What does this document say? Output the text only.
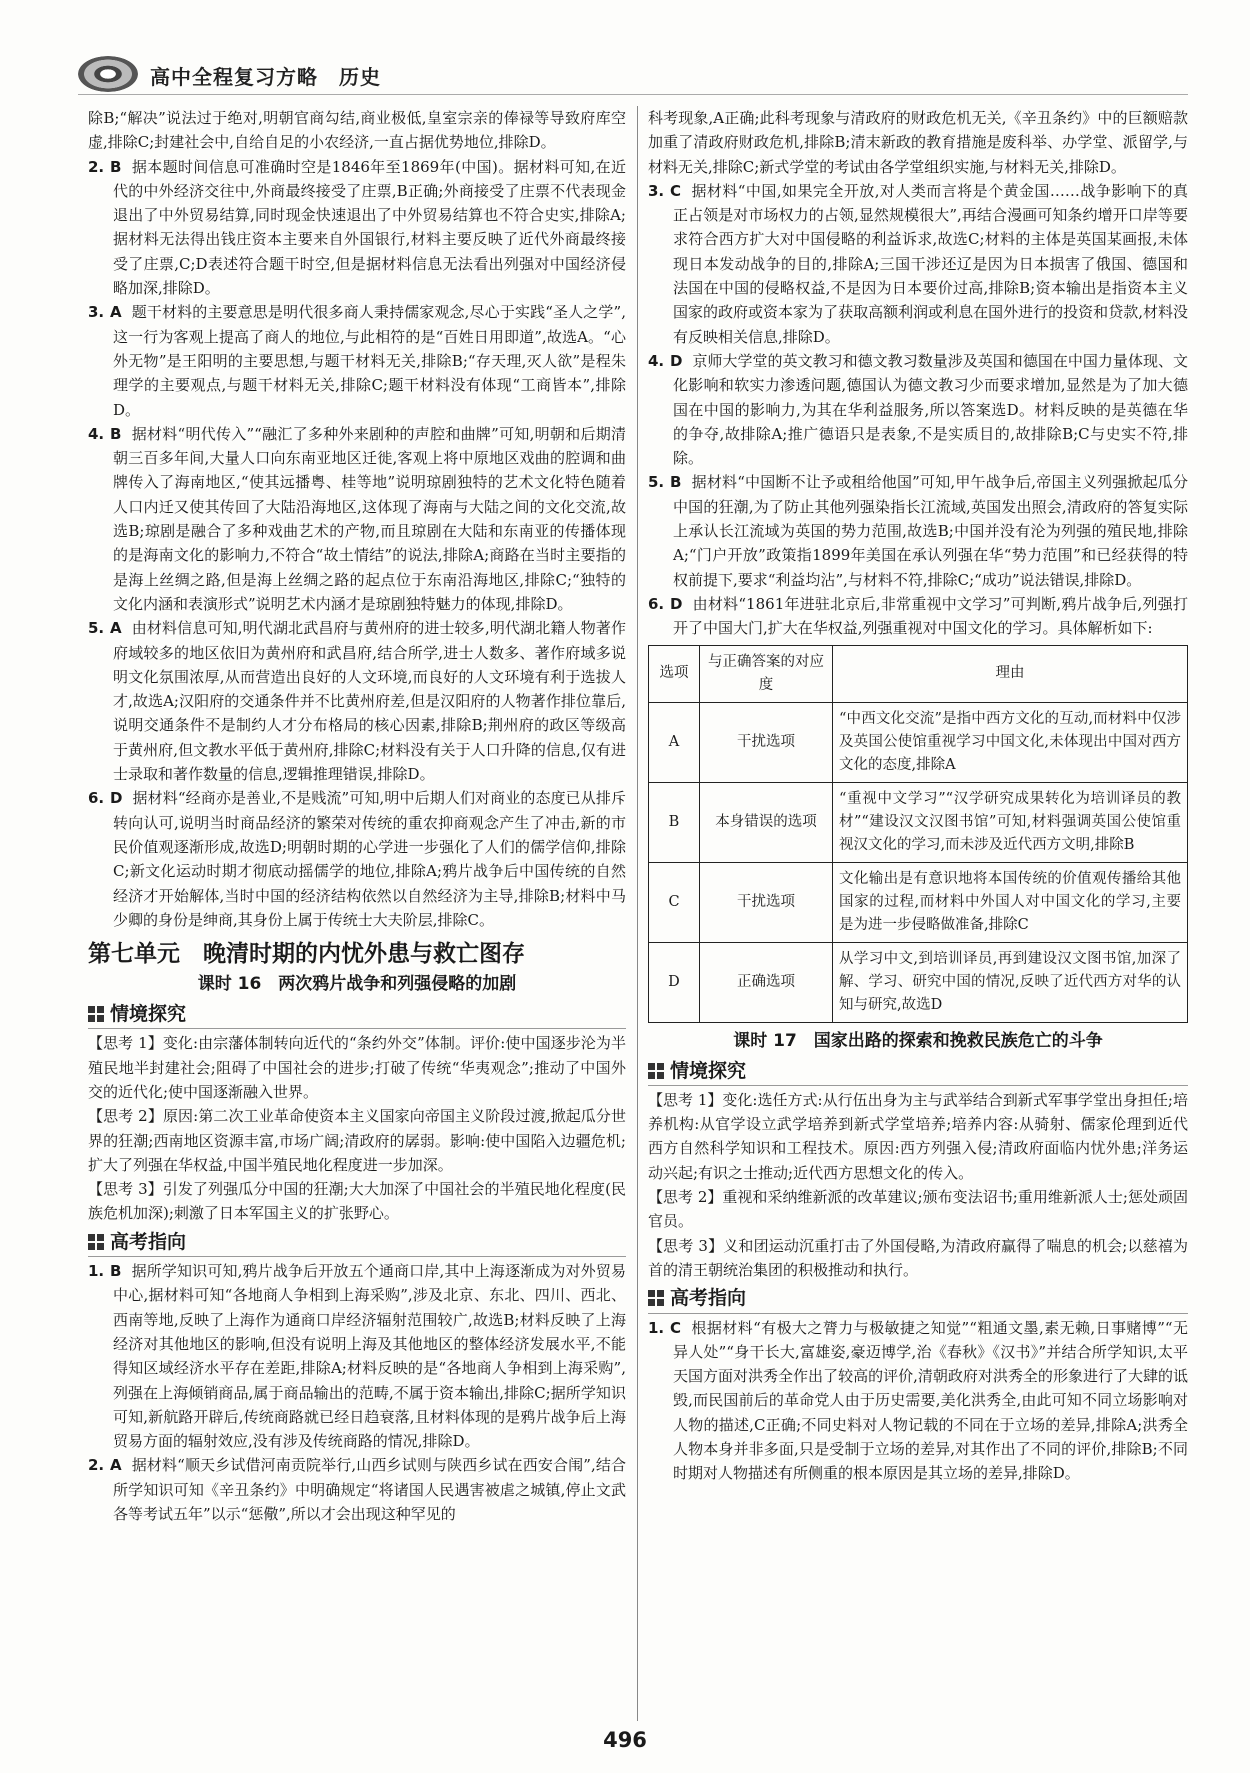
高中全程复习方略　历史

除B;“解决”说法过于绝对,明朝官商勾结,商业极低,皇室宗亲的俸禄等导致府库空虚,排除C;封建社会中,自给自足的小农经济,一直占据优势地位,排除D。

2. B 据本题时间信息可准确时空是1846年至1869年(中国)。据材料可知,在近代的中外经济交往中,外商最终接受了庄票,B正确;外商接受了庄票不代表现金退出了中外贸易结算,同时现金快速退出了中外贸易结算也不符合史实,排除A;据材料无法得出钱庄资本主要来自外国银行,材料主要反映了近代外商最终接受了庄票,C;D表述符合题干时空,但是据材料信息无法看出列强对中国经济侵略加深,排除D。

3. A 题干材料的主要意思是明代很多商人秉持儒家观念,尽心于实践“圣人之学”,这一行为客观上提高了商人的地位,与此相符的是“百姓日用即道”,故选A。“心外无物”是王阳明的主要思想,与题干材料无关,排除B;“存天理,灭人欲”是程朱理学的主要观点,与题干材料无关,排除C;题干材料没有体现“工商皆本”,排除D。

4. B 据材料“明代传入”“融汇了多种外来剧种的声腔和曲牌”可知,明朝和后期清朝三百多年间,大量人口向东南亚地区迁徙,客观上将中原地区戏曲的腔调和曲牌传入了海南地区,“使其远播粤、桂等地”说明琼剧独特的艺术文化特色随着人口内迁又使其传回了大陆沿海地区,这体现了海南与大陆之间的文化交流,故选B;琼剧是融合了多种戏曲艺术的产物,而且琼剧在大陆和东南亚的传播体现的是海南文化的影响力,不符合“故土情结”的说法,排除A;商路在当时主要指的是海上丝绸之路,但是海上丝绸之路的起点位于东南沿海地区,排除C;“独特的文化内涵和表演形式”说明艺术内涵才是琼剧独特魅力的体现,排除D。

5. A 由材料信息可知,明代湖北武昌府与黄州府的进士较多,明代湖北籍人物著作府域较多的地区依旧为黄州府和武昌府,结合所学,进士人数多、著作府域多说明文化氛围浓厚,从而营造出良好的人文环境,而良好的人文环境有利于选拔人才,故选A;汉阳府的交通条件并不比黄州府差,但是汉阳府的人物著作排位靠后,说明交通条件不是制约人才分布格局的核心因素,排除B;荆州府的政区等级高于黄州府,但文教水平低于黄州府,排除C;材料没有关于人口升降的信息,仅有进士录取和著作数量的信息,逻辑推理错误,排除D。

6. D 据材料“经商亦是善业,不是贱流”可知,明中后期人们对商业的态度已从排斥转向认可,说明当时商品经济的繁荣对传统的重农抑商观念产生了冲击,新的市民价值观逐渐形成,故选D;明朝时期的心学进一步强化了人们的儒学信仰,排除C;新文化运动时期才彻底动摇儒学的地位,排除A;鸦片战争后中国传统的自然经济才开始解体,当时中国的经济结构依然以自然经济为主导,排除B;材料中马少卿的身份是绅商,其身份上属于传统士大夫阶层,排除C。

第七单元　晚清时期的内忧外患与救亡图存
课时 16　两次鸦片战争和列强侵略的加剧
情境探究

【思考 1】变化:由宗藩体制转向近代的“条约外交”体制。评价:使中国逐步沦为半殖民地半封建社会;阻碍了中国社会的进步;打破了传统“华夷观念”;推动了中国外交的近代化;使中国逐渐融入世界。

【思考 2】原因:第二次工业革命使资本主义国家向帝国主义阶段过渡,掀起瓜分世界的狂潮;西南地区资源丰富,市场广阔;清政府的孱弱。影响:使中国陷入边疆危机;扩大了列强在华权益,中国半殖民地化程度进一步加深。

【思考 3】引发了列强瓜分中国的狂潮;大大加深了中国社会的半殖民地化程度(民族危机加深);刺激了日本军国主义的扩张野心。

高考指向

1. B 据所学知识可知,鸦片战争后开放五个通商口岸,其中上海逐渐成为对外贸易中心,据材料可知“各地商人争相到上海采购”,涉及北京、东北、四川、西北、西南等地,反映了上海作为通商口岸经济辐射范围较广,故选B;材料反映了上海经济对其他地区的影响,但没有说明上海及其他地区的整体经济发展水平,不能得知区域经济水平存在差距,排除A;材料反映的是“各地商人争相到上海采购”,列强在上海倾销商品,属于商品输出的范畴,不属于资本输出,排除C;据所学知识可知,新航路开辟后,传统商路就已经日趋衰落,且材料体现的是鸦片战争后上海贸易方面的辐射效应,没有涉及传统商路的情况,排除D。

2. A 据材料“顺天乡试借河南贡院举行,山西乡试则与陕西乡试在西安合闱”,结合所学知识可知《辛丑条约》中明确规定“将诸国人民遇害被虐之城镇,停止文武各等考试五年”以示“惩儆”,所以才会出现这种罕见的

科考现象,A正确;此科考现象与清政府的财政危机无关,《辛丑条约》中的巨额赔款加重了清政府财政危机,排除B;清末新政的教育措施是废科举、办学堂、派留学,与材料无关,排除C;新式学堂的考试由各学堂组织实施,与材料无关,排除D。

3. C 据材料“中国,如果完全开放,对人类而言将是个黄金国……战争影响下的真正占领是对市场权力的占领,显然规模很大”,再结合漫画可知条约增开口岸等要求符合西方扩大对中国侵略的利益诉求,故选C;材料的主体是英国某画报,未体现日本发动战争的目的,排除A;三国干涉还辽是因为日本损害了俄国、德国和法国在中国的侵略权益,不是因为日本要价过高,排除B;资本输出是指资本主义国家的政府或资本家为了获取高额利润或利息在国外进行的投资和贷款,材料没有反映相关信息,排除D。

4. D 京师大学堂的英文教习和德文教习数量涉及英国和德国在中国力量体现、文化影响和软实力渗透问题,德国认为德文教习少而要求增加,显然是为了加大德国在中国的影响力,为其在华利益服务,所以答案选D。材料反映的是英德在华的争夺,故排除A;推广德语只是表象,不是实质目的,故排除B;C与史实不符,排除。

5. B 据材料“中国断不让予或租给他国”可知,甲午战争后,帝国主义列强掀起瓜分中国的狂潮,为了防止其他列强染指长江流域,英国发出照会,清政府的答复实际上承认长江流域为英国的势力范围,故选B;中国并没有沦为列强的殖民地,排除A;“门户开放”政策指1899年美国在承认列强在华“势力范围”和已经获得的特权前提下,要求“利益均沾”,与材料不符,排除C;“成功”说法错误,排除D。

6. D 由材料“1861年进驻北京后,非常重视中文学习”可判断,鸦片战争后,列强打开了中国大门,扩大在华权益,列强重视对中国文化的学习。具体解析如下:

选项	与正确答案的对应度	理由
A	干扰选项	“中西文化交流”是指中西方文化的互动,而材料中仅涉及英国公使馆重视学习中国文化,未体现出中国对西方文化的态度,排除A
B	本身错误的选项	“重视中文学习”“汉学研究成果转化为培训译员的教材”“建设汉文汉图书馆”可知,材料强调英国公使馆重视汉文化的学习,而未涉及近代西方文明,排除B
C	干扰选项	文化输出是有意识地将本国传统的价值观传播给其他国家的过程,而材料中外国人对中国文化的学习,主要是为进一步侵略做准备,排除C
D	正确选项	从学习中文,到培训译员,再到建设汉文图书馆,加深了解、学习、研究中国的情况,反映了近代西方对华的认知与研究,故选D
课时 17　国家出路的探索和挽救民族危亡的斗争
情境探究

【思考 1】变化:选任方式:从行伍出身为主与武举结合到新式军事学堂出身担任;培养机构:从官学设立武学培养到新式学堂培养;培养内容:从骑射、儒家伦理到近代西方自然科学知识和工程技术。原因:西方列强入侵;清政府面临内忧外患;洋务运动兴起;有识之士推动;近代西方思想文化的传入。

【思考 2】重视和采纳维新派的改革建议;颁布变法诏书;重用维新派人士;惩处顽固官员。

【思考 3】义和团运动沉重打击了外国侵略,为清政府赢得了喘息的机会;以慈禧为首的清王朝统治集团的积极推动和执行。

高考指向

1. C 根据材料“有极大之膂力与极敏捷之知觉”“粗通文墨,素无赖,日事赌博”“无异人处”“身干长大,富雄姿,豪迈博学,治《春秋》《汉书》”并结合所学知识,太平天国方面对洪秀全作出了较高的评价,清朝政府对洪秀全的形象进行了大肆的诋毁,而民国前后的革命党人由于历史需要,美化洪秀全,由此可知不同立场影响对人物的描述,C正确;不同史料对人物记载的不同在于立场的差异,排除A;洪秀全人物本身并非多面,只是受制于立场的差异,对其作出了不同的评价,排除B;不同时期对人物描述有所侧重的根本原因是其立场的差异,排除D。

496
